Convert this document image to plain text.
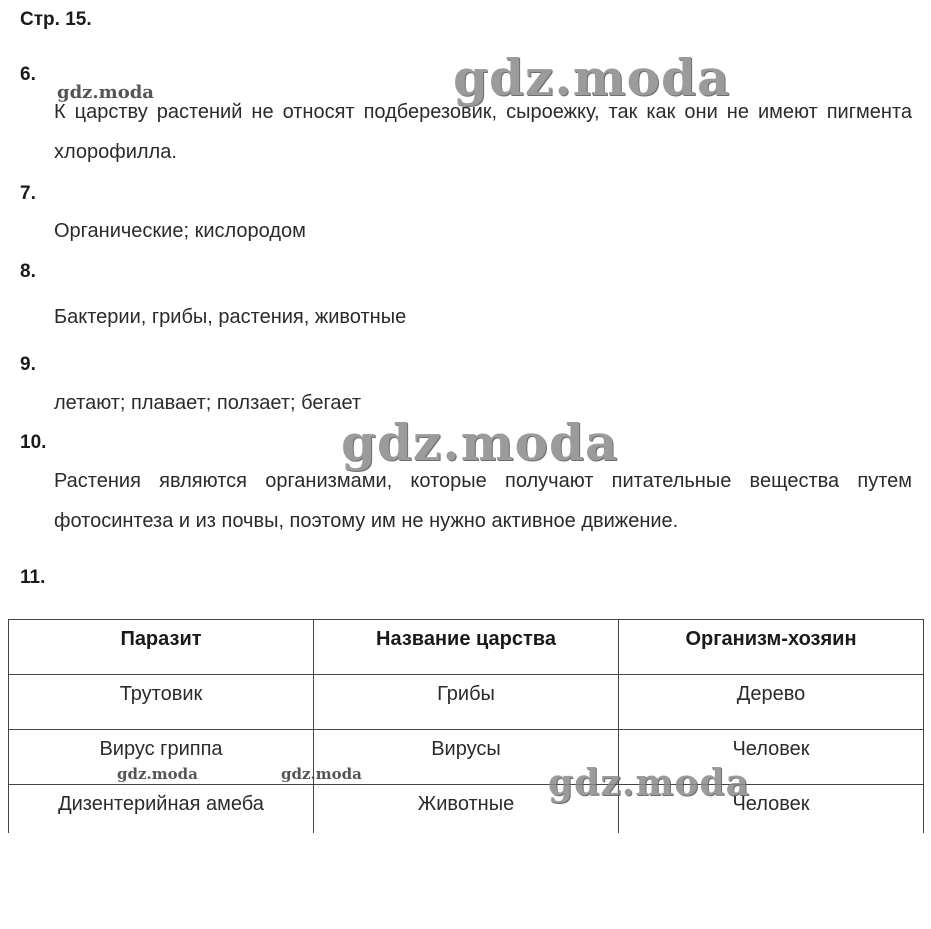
Стр. 15.
6.
К царству растений не относят подберезовик, сыроежку, так как они не имеют пигмента хлорофилла.
7.
Органические; кислородом
8.
Бактерии, грибы, растения, животные
9.
летают; плавает; ползает; бегает
10.
Растения являются организмами, которые получают питательные вещества путем фотосинтеза и из почвы, поэтому им не нужно активное движение.
11.
Паразит	Название царства	Организм-хозяин
Трутовик	Грибы	Дерево
Вирус гриппа	Вирусы	Человек
Дизентерийная амеба	Животные	Человек
gdz.moda	gdz.moda
gdz.moda
gdz.moda
gdz.moda	gdz.moda
